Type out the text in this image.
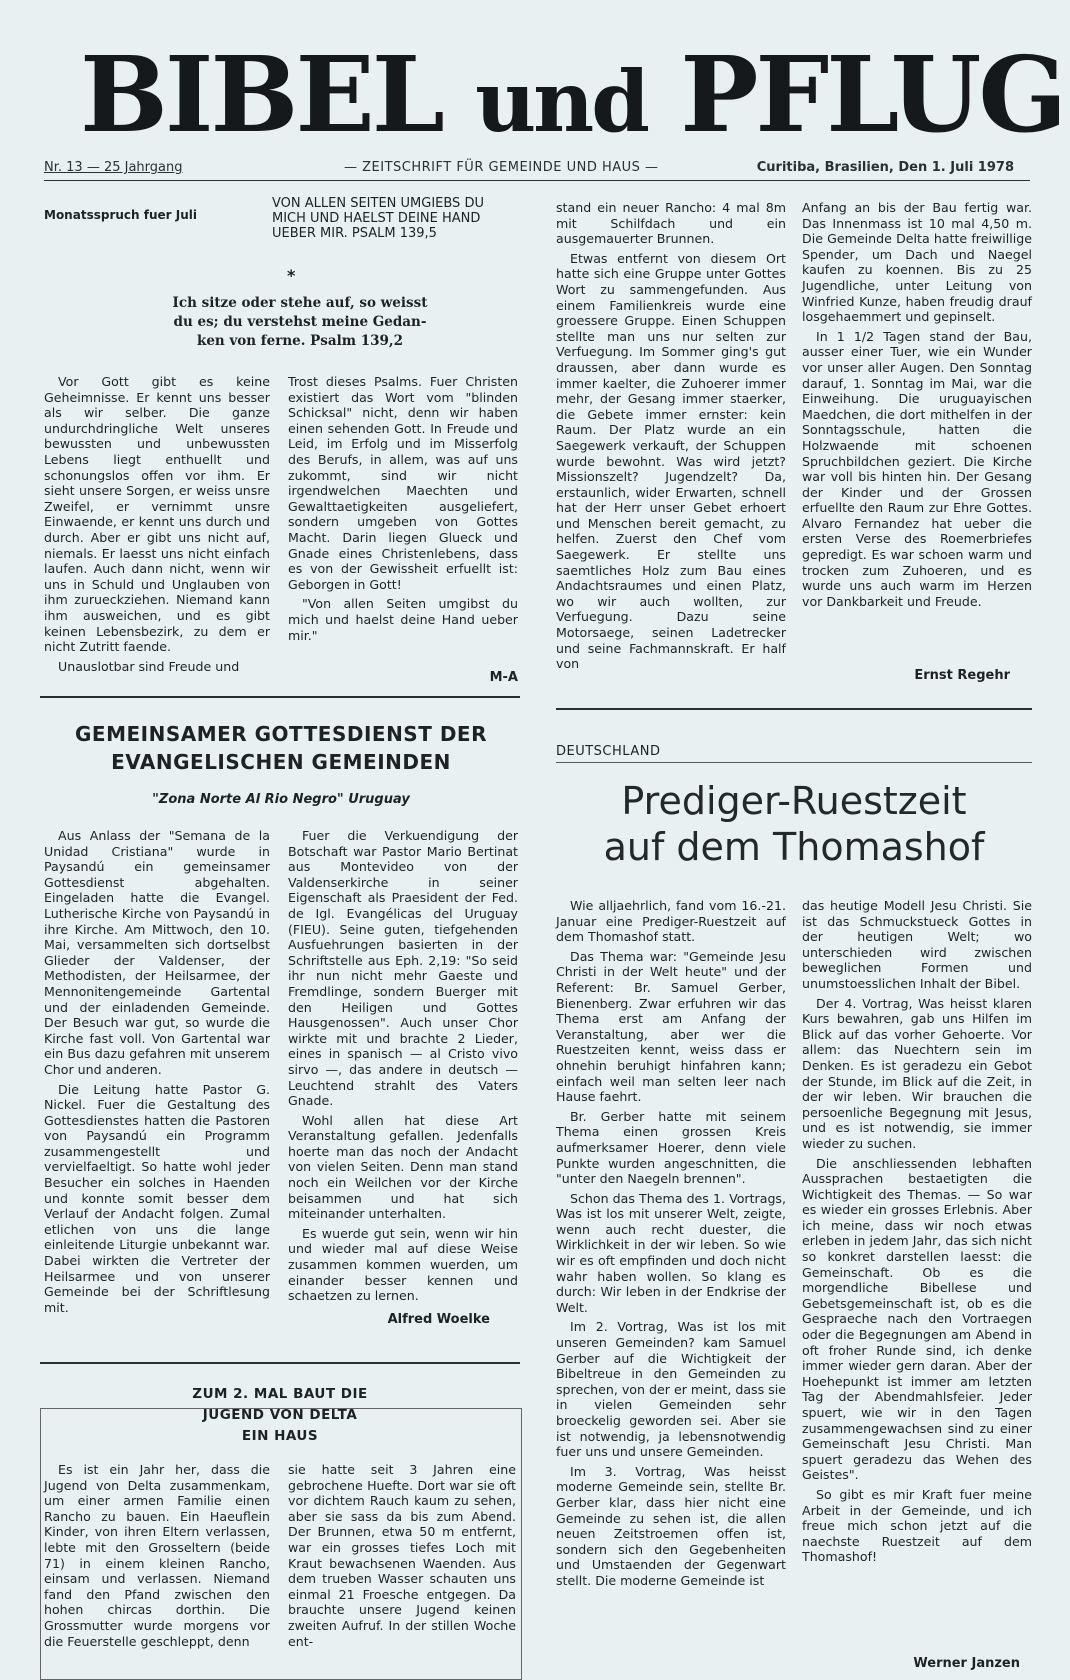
BIBEL und PFLUG
Nr. 13 — 25 Jahrgang	— ZEITSCHRIFT FÜR GEMEINDE UND HAUS —	Curitiba, Brasilien, Den 1. Juli 1978
Monatsspruch fuer Juli
VON ALLEN SEITEN UMGIEBS DU MICH UND HAELST DEINE HAND UEBER MIR. PSALM 139,5
*
Ich sitze oder stehe auf, so weisst
du es; du verstehst meine Gedan-
ken von ferne. Psalm 139,2

Vor Gott gibt es keine Geheimnisse. Er kennt uns besser als wir selber. Die ganze undurchdringliche Welt unseres bewussten und unbewussten Lebens liegt enthuellt und schonungslos offen vor ihm. Er sieht unsere Sorgen, er weiss unsre Zweifel, er vernimmt unsre Einwaende, er kennt uns durch und durch. Aber er gibt uns nicht auf, niemals. Er laesst uns nicht einfach laufen. Auch dann nicht, wenn wir uns in Schuld und Unglauben von ihm zurueckziehen. Niemand kann ihm ausweichen, und es gibt keinen Lebensbezirk, zu dem er nicht Zutritt faende.

Unauslotbar sind Freude und

Trost dieses Psalms. Fuer Christen existiert das Wort vom "blinden Schicksal" nicht, denn wir haben einen sehenden Gott. In Freude und Leid, im Erfolg und im Misserfolg des Berufs, in allem, was auf uns zukommt, sind wir nicht irgendwelchen Maechten und Gewalttaetigkeiten ausgeliefert, sondern umgeben von Gottes Macht. Darin liegen Glueck und Gnade eines Christenlebens, dass es von der Gewissheit erfuellt ist: Geborgen in Gott!

"Von allen Seiten umgibst du mich und haelst deine Hand ueber mir."

M-A
GEMEINSAMER GOTTESDIENST DER
EVANGELISCHEN GEMEINDEN
"Zona Norte Al Rio Negro" Uruguay

Aus Anlass der "Semana de la Unidad Cristiana" wurde in Paysandú ein gemeinsamer Gottesdienst abgehalten. Eingeladen hatte die Evangel. Lutherische Kirche von Paysandú in ihre Kirche. Am Mittwoch, den 10. Mai, versammelten sich dortselbst Glieder der Valdenser, der Methodisten, der Heilsarmee, der Mennonitengemeinde Gartental und der einladenden Gemeinde. Der Besuch war gut, so wurde die Kirche fast voll. Von Gartental war ein Bus dazu gefahren mit unserem Chor und anderen.

Die Leitung hatte Pastor G. Nickel. Fuer die Gestaltung des Gottesdienstes hatten die Pastoren von Paysandú ein Programm zusammengestellt und vervielfaeltigt. So hatte wohl jeder Besucher ein solches in Haenden und konnte somit besser dem Verlauf der Andacht folgen. Zumal etlichen von uns die lange einleitende Liturgie unbekannt war. Dabei wirkten die Vertreter der Heilsarmee und von unserer Gemeinde bei der Schriftlesung mit.

Fuer die Verkuendigung der Botschaft war Pastor Mario Bertinat aus Montevideo von der Valdenserkirche in seiner Eigenschaft als Praesident der Fed. de Igl. Evangélicas del Uruguay (FIEU). Seine guten, tiefgehenden Ausfuehrungen basierten in der Schriftstelle aus Eph. 2,19: "So seid ihr nun nicht mehr Gaeste und Fremdlinge, sondern Buerger mit den Heiligen und Gottes Hausgenossen". Auch unser Chor wirkte mit und brachte 2 Lieder, eines in spanisch — al Cristo vivo sirvo —, das andere in deutsch — Leuchtend strahlt des Vaters Gnade.

Wohl allen hat diese Art Veranstaltung gefallen. Jedenfalls hoerte man das noch der Andacht von vielen Seiten. Denn man stand noch ein Weilchen vor der Kirche beisammen und hat sich miteinander unterhalten.

Es wuerde gut sein, wenn wir hin und wieder mal auf diese Weise zusammen kommen wuerden, um einander besser kennen und schaetzen zu lernen.

Alfred Woelke
ZUM 2. MAL BAUT DIE
JUGEND VON DELTA
EIN HAUS

Es ist ein Jahr her, dass die Jugend von Delta zusammenkam, um einer armen Familie einen Rancho zu bauen. Ein Haeuflein Kinder, von ihren Eltern verlassen, lebte mit den Grosseltern (beide 71) in einem kleinen Rancho, einsam und verlassen. Niemand fand den Pfand zwischen den hohen chircas dorthin. Die Grossmutter wurde morgens vor die Feuerstelle geschleppt, denn

sie hatte seit 3 Jahren eine gebrochene Huefte. Dort war sie oft vor dichtem Rauch kaum zu sehen, aber sie sass da bis zum Abend. Der Brunnen, etwa 50 m entfernt, war ein grosses tiefes Loch mit Kraut bewachsenen Waenden. Aus dem trueben Wasser schauten uns einmal 21 Froesche entgegen. Da brauchte unsere Jugend keinen zweiten Aufruf. In der stillen Woche ent-

stand ein neuer Rancho: 4 mal 8m mit Schilfdach und ein ausgemauerter Brunnen.

Etwas entfernt von diesem Ort hatte sich eine Gruppe unter Gottes Wort zu sammengefunden. Aus einem Familienkreis wurde eine groessere Gruppe. Einen Schuppen stellte man uns nur selten zur Verfuegung. Im Sommer ging's gut draussen, aber dann wurde es immer kaelter, die Zuhoerer immer mehr, der Gesang immer staerker, die Gebete immer ernster: kein Raum. Der Platz wurde an ein Saegewerk verkauft, der Schuppen wurde bewohnt. Was wird jetzt? Missionszelt? Jugendzelt? Da, erstaunlich, wider Erwarten, schnell hat der Herr unser Gebet erhoert und Menschen bereit gemacht, zu helfen. Zuerst den Chef vom Saegewerk. Er stellte uns saemtliches Holz zum Bau eines Andachtsraumes und einen Platz, wo wir auch wollten, zur Verfuegung. Dazu seine Motorsaege, seinen Ladetrecker und seine Fachmannskraft. Er half von

Anfang an bis der Bau fertig war. Das Innenmass ist 10 mal 4,50 m. Die Gemeinde Delta hatte freiwillige Spender, um Dach und Naegel kaufen zu koennen. Bis zu 25 Jugendliche, unter Leitung von Winfried Kunze, haben freudig drauf losgehaemmert und gepinselt.

In 1 1/2 Tagen stand der Bau, ausser einer Tuer, wie ein Wunder vor unser aller Augen. Den Sonntag darauf, 1. Sonntag im Mai, war die Einweihung. Die uruguayischen Maedchen, die dort mithelfen in der Sonntagsschule, hatten die Holzwaende mit schoenen Spruchbildchen geziert. Die Kirche war voll bis hinten hin. Der Gesang der Kinder und der Grossen erfuellte den Raum zur Ehre Gottes. Alvaro Fernandez hat ueber die ersten Verse des Roemerbriefes gepredigt. Es war schoen warm und trocken zum Zuhoeren, und es wurde uns auch warm im Herzen vor Dankbarkeit und Freude.

Ernst Regehr
DEUTSCHLAND
Prediger-Ruestzeit
auf dem Thomashof

Wie alljaehrlich, fand vom 16.-21. Januar eine Prediger-Ruestzeit auf dem Thomashof statt.

Das Thema war: "Gemeinde Jesu Christi in der Welt heute" und der Referent: Br. Samuel Gerber, Bienenberg. Zwar erfuhren wir das Thema erst am Anfang der Veranstaltung, aber wer die Ruestzeiten kennt, weiss dass er ohnehin beruhigt hinfahren kann; einfach weil man selten leer nach Hause faehrt.

Br. Gerber hatte mit seinem Thema einen grossen Kreis aufmerksamer Hoerer, denn viele Punkte wurden angeschnitten, die "unter den Naegeln brennen".

Schon das Thema des 1. Vortrags, Was ist los mit unserer Welt, zeigte, wenn auch recht duester, die Wirklichkeit in der wir leben. So wie wir es oft empfinden und doch nicht wahr haben wollen. So klang es durch: Wir leben in der Endkrise der Welt.

Im 2. Vortrag, Was ist los mit unseren Gemeinden? kam Samuel Gerber auf die Wichtigkeit der Bibeltreue in den Gemeinden zu sprechen, von der er meint, dass sie in vielen Gemeinden sehr broeckelig geworden sei. Aber sie ist notwendig, ja lebensnotwendig fuer uns und unsere Gemeinden.

Im 3. Vortrag, Was heisst moderne Gemeinde sein, stellte Br. Gerber klar, dass hier nicht eine Gemeinde zu sehen ist, die allen neuen Zeitstroemen offen ist, sondern sich den Gegebenheiten und Umstaenden der Gegenwart stellt. Die moderne Gemeinde ist

das heutige Modell Jesu Christi. Sie ist das Schmuckstueck Gottes in der heutigen Welt; wo unterschieden wird zwischen beweglichen Formen und unumstoesslichen Inhalt der Bibel.

Der 4. Vortrag, Was heisst klaren Kurs bewahren, gab uns Hilfen im Blick auf das vorher Gehoerte. Vor allem: das Nuechtern sein im Denken. Es ist geradezu ein Gebot der Stunde, im Blick auf die Zeit, in der wir leben. Wir brauchen die persoenliche Begegnung mit Jesus, und es ist notwendig, sie immer wieder zu suchen.

Die anschliessenden lebhaften Aussprachen bestaetigten die Wichtigkeit des Themas. — So war es wieder ein grosses Erlebnis. Aber ich meine, dass wir noch etwas erleben in jedem Jahr, das sich nicht so konkret darstellen laesst: die Gemeinschaft. Ob es die morgendliche Bibellese und Gebetsgemeinschaft ist, ob es die Gespraeche nach den Vortraegen oder die Begegnungen am Abend in oft froher Runde sind, ich denke immer wieder gern daran. Aber der Hoehepunkt ist immer am letzten Tag der Abendmahlsfeier. Jeder spuert, wie wir in den Tagen zusammengewachsen sind zu einer Gemeinschaft Jesu Christi. Man spuert geradezu das Wehen des Geistes".

So gibt es mir Kraft fuer meine Arbeit in der Gemeinde, und ich freue mich schon jetzt auf die naechste Ruestzeit auf dem Thomashof!

Werner Janzen
